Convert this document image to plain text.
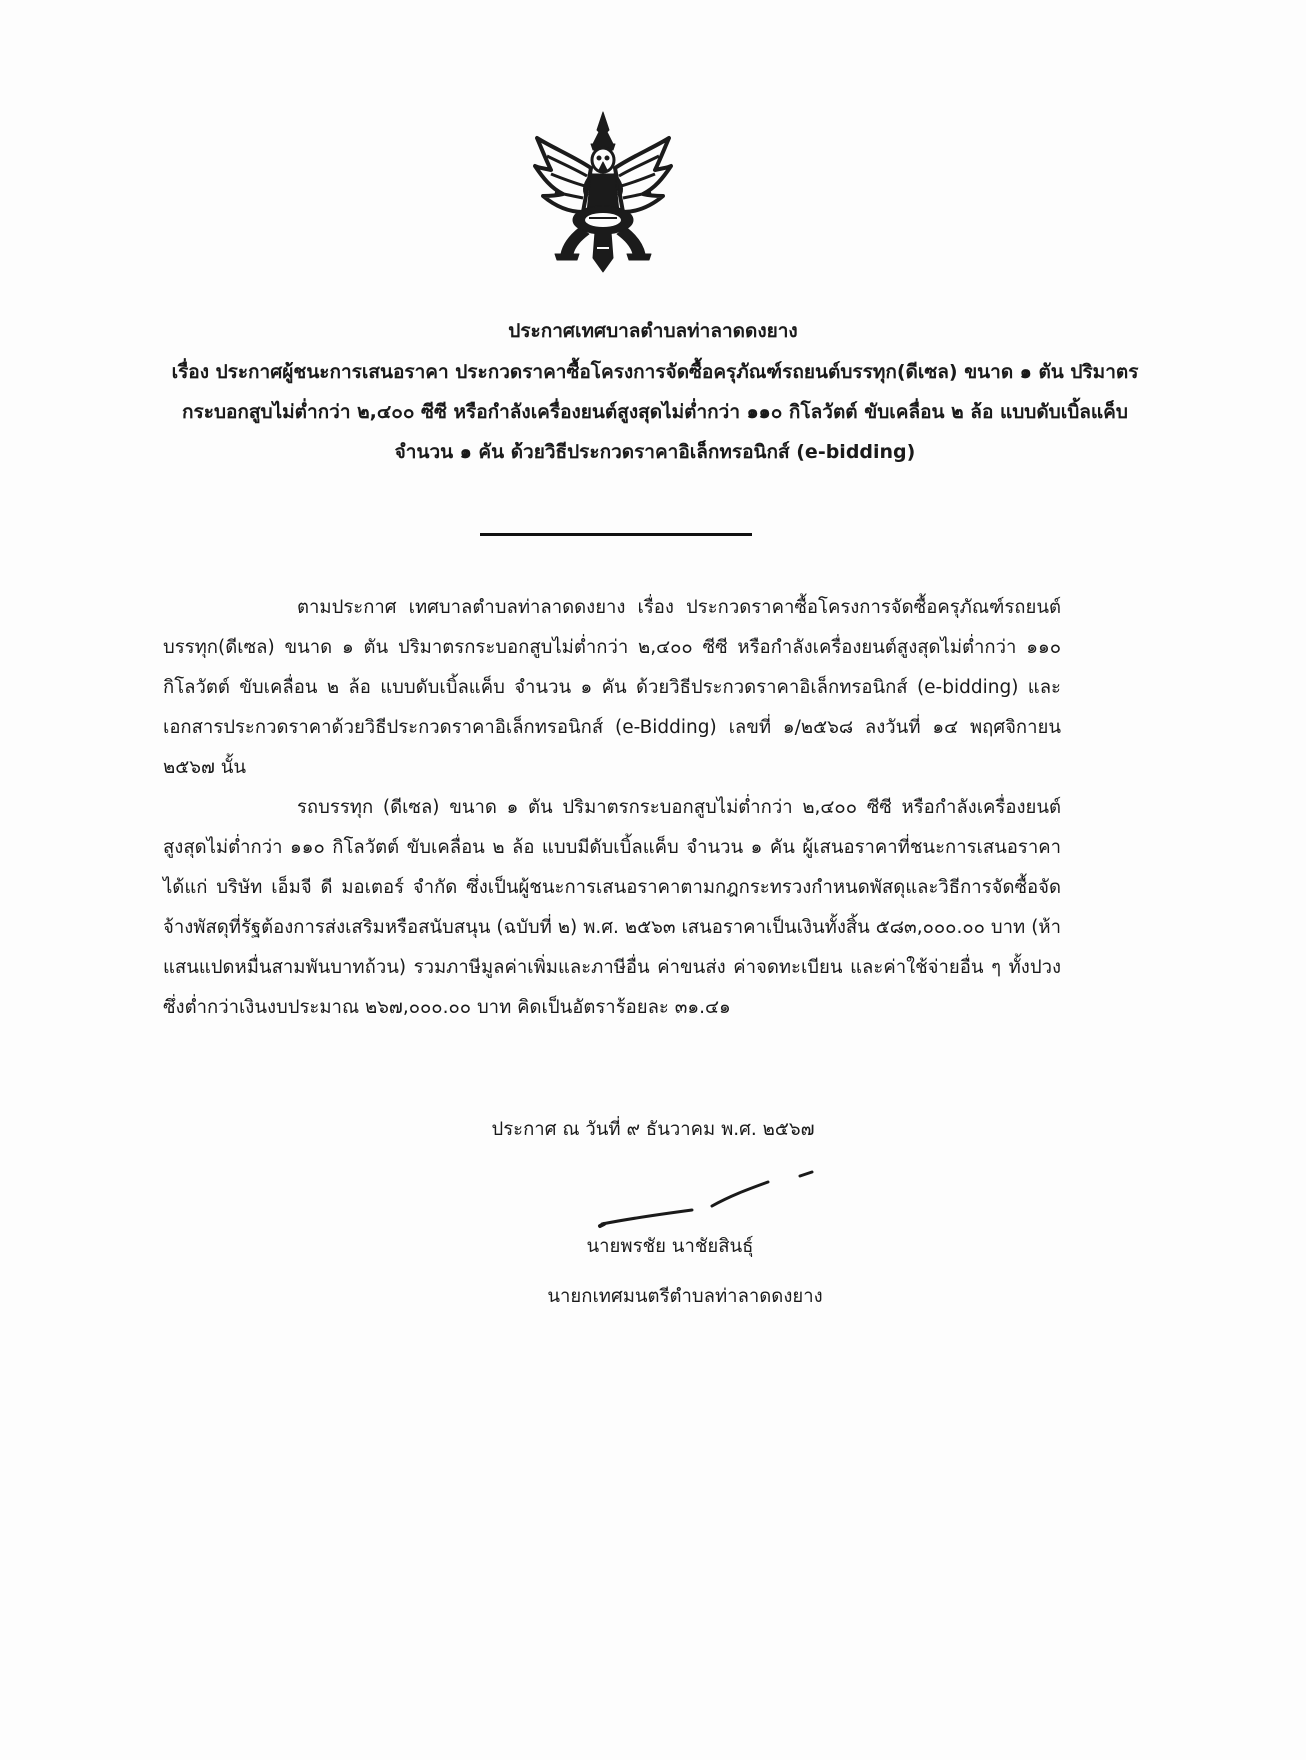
ประกาศเทศบาลตำบลท่าลาดดงยาง
เรื่อง ประกาศผู้ชนะการเสนอราคา ประกวดราคาซื้อโครงการจัดซื้อครุภัณฑ์รถยนต์บรรทุก(ดีเซล) ขนาด ๑ ตัน ปริมาตรกระบอกสูบไม่ต่ำกว่า ๒,๔๐๐ ซีซี หรือกำลังเครื่องยนต์สูงสุดไม่ต่ำกว่า ๑๑๐ กิโลวัตต์ ขับเคลื่อน ๒ ล้อ แบบดับเบิ้ลแค็บ จำนวน ๑ คัน ด้วยวิธีประกวดราคาอิเล็กทรอนิกส์ (e-bidding)

ตามประกาศ เทศบาลตำบลท่าลาดดงยาง เรื่อง ประกวดราคาซื้อโครงการจัดซื้อครุภัณฑ์รถยนต์บรรทุก(ดีเซล) ขนาด ๑ ตัน ปริมาตรกระบอกสูบไม่ต่ำกว่า ๒,๔๐๐ ซีซี หรือกำลังเครื่องยนต์สูงสุดไม่ต่ำกว่า ๑๑๐ กิโลวัตต์ ขับเคลื่อน ๒ ล้อ แบบดับเบิ้ลแค็บ จำนวน ๑ คัน ด้วยวิธีประกวดราคาอิเล็กทรอนิกส์ (e-bidding) และเอกสารประกวดราคาด้วยวิธีประกวดราคาอิเล็กทรอนิกส์ (e-Bidding) เลขที่ ๑/๒๕๖๘ ลงวันที่ ๑๔ พฤศจิกายน ๒๕๖๗ นั้น

รถบรรทุก (ดีเซล) ขนาด ๑ ตัน ปริมาตรกระบอกสูบไม่ต่ำกว่า ๒,๔๐๐ ซีซี หรือกำลังเครื่องยนต์สูงสุดไม่ต่ำกว่า ๑๑๐ กิโลวัตต์ ขับเคลื่อน ๒ ล้อ แบบมีดับเบิ้ลแค็บ จำนวน ๑ คัน ผู้เสนอราคาที่ชนะการเสนอราคา ได้แก่ บริษัท เอ็มจี ดี มอเตอร์ จำกัด ซึ่งเป็นผู้ชนะการเสนอราคาตามกฎกระทรวงกำหนดพัสดุและวิธีการจัดซื้อจัดจ้างพัสดุที่รัฐต้องการส่งเสริมหรือสนับสนุน (ฉบับที่ ๒) พ.ศ. ๒๕๖๓ เสนอราคาเป็นเงินทั้งสิ้น ๕๘๓,๐๐๐.๐๐ บาท (ห้าแสนแปดหมื่นสามพันบาทถ้วน) รวมภาษีมูลค่าเพิ่มและภาษีอื่น ค่าขนส่ง ค่าจดทะเบียน และค่าใช้จ่ายอื่น ๆ ทั้งปวง ซึ่งต่ำกว่าเงินงบประมาณ ๒๖๗,๐๐๐.๐๐ บาท คิดเป็นอัตราร้อยละ ๓๑.๔๑

ประกาศ ณ วันที่ ๙ ธันวาคม พ.ศ. ๒๕๖๗
นายพรชัย นาชัยสินธุ์
นายกเทศมนตรีตำบลท่าลาดดงยาง
